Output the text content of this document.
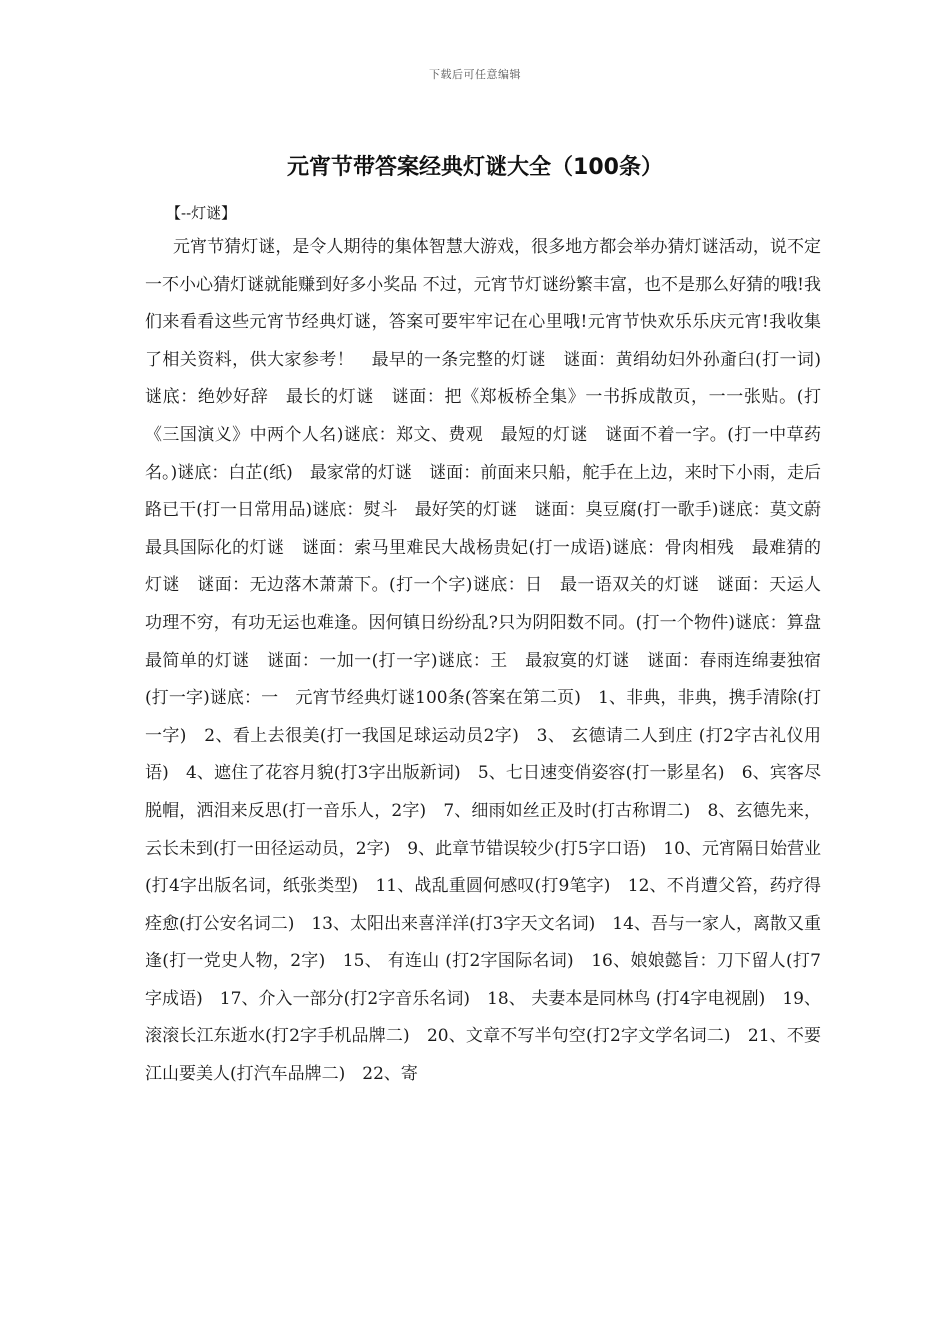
下载后可任意编辑
元宵节带答案经典灯谜大全（100条）
【--灯谜】

元宵节猜灯谜，是令人期待的集体智慧大游戏，很多地方都会举办猜灯谜活动，说不定一不小心猜灯谜就能赚到好多小奖品 不过，元宵节灯谜纷繁丰富，也不是那么好猜的哦!我们来看看这些元宵节经典灯谜，答案可要牢牢记在心里哦!元宵节快欢乐乐庆元宵!我收集了相关资料，供大家参考！　最早的一条完整的灯谜　谜面：黄绢幼妇外孙齑臼(打一词)谜底：绝妙好辞　最长的灯谜　谜面：把《郑板桥全集》一书拆成散页，一一张贴。(打《三国演义》中两个人名)谜底：郑文、费观　最短的灯谜　谜面不着一字。(打一中草药名。)谜底：白芷(纸)　最家常的灯谜　谜面：前面来只船，舵手在上边，来时下小雨，走后路已干(打一日常用品)谜底：熨斗　最好笑的灯谜　谜面：臭豆腐(打一歌手)谜底：莫文蔚　最具国际化的灯谜　谜面：索马里难民大战杨贵妃(打一成语)谜底：骨肉相残　最难猜的灯谜　谜面：无边落木萧萧下。(打一个字)谜底：日　最一语双关的灯谜　谜面：天运人功理不穷，有功无运也难逢。因何镇日纷纷乱?只为阴阳数不同。(打一个物件)谜底：算盘　最简单的灯谜　谜面：一加一(打一字)谜底：王　最寂寞的灯谜　谜面：春雨连绵妻独宿(打一字)谜底：一　元宵节经典灯谜100条(答案在第二页)　1、非典，非典，携手清除(打一字)　2、看上去很美(打一我国足球运动员2字)　3、 玄德请二人到庄 (打2字古礼仪用语)　4、遮住了花容月貌(打3字出版新词)　5、七日速变俏姿容(打一影星名)　6、宾客尽脱帽，洒泪来反思(打一音乐人，2字)　7、细雨如丝正及时(打古称谓二)　8、玄德先来，云长未到(打一田径运动员，2字)　9、此章节错误较少(打5字口语)　10、元宵隔日始营业(打4字出版名词，纸张类型)　11、战乱重圆何感叹(打9笔字)　12、不肖遭父笞，药疗得痊愈(打公安名词二)　13、太阳出来喜洋洋(打3字天文名词)　14、吾与一家人，离散又重逢(打一党史人物，2字)　15、 有连山 (打2字国际名词)　16、娘娘懿旨：刀下留人(打7字成语)　17、介入一部分(打2字音乐名词)　18、 夫妻本是同林鸟 (打4字电视剧)　19、滚滚长江东逝水(打2字手机品牌二)　20、文章不写半句空(打2字文学名词二)　21、不要江山要美人(打汽车品牌二)　22、寄
